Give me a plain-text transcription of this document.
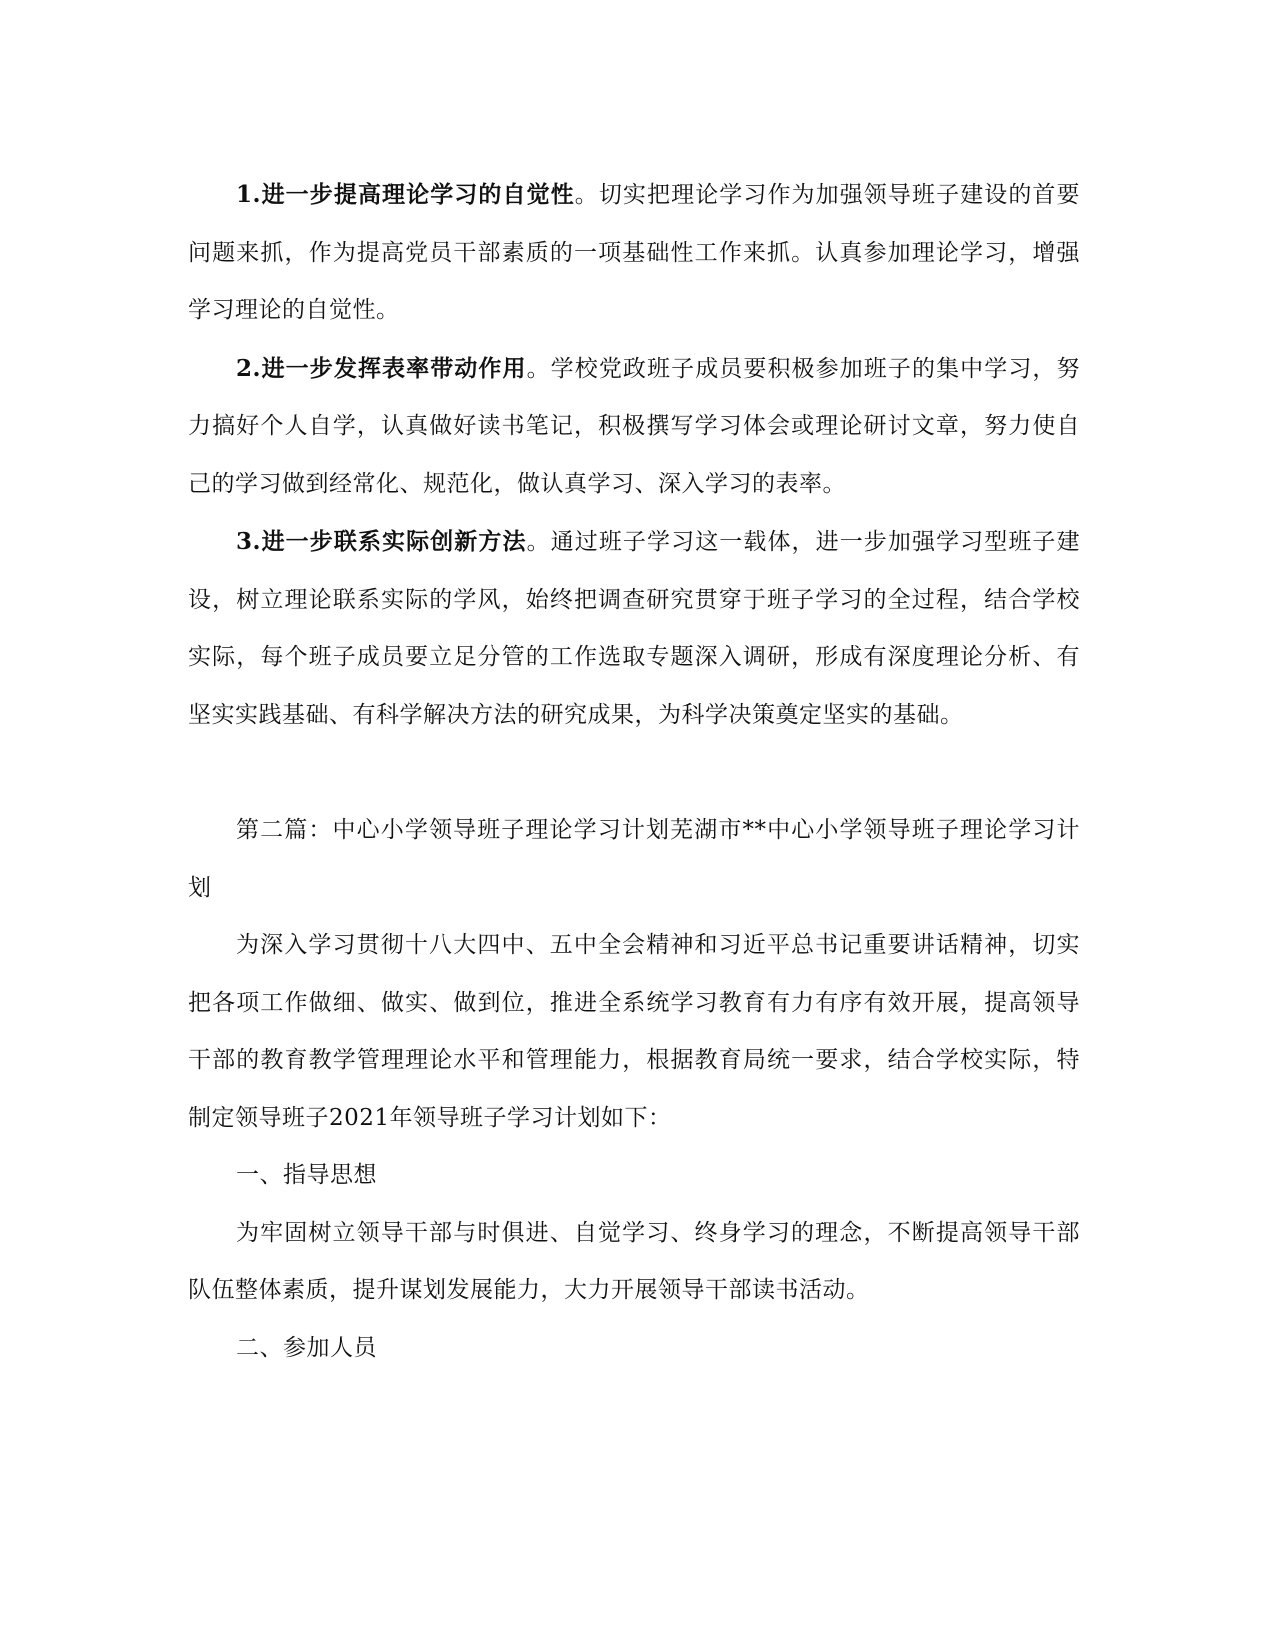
1.进一步提高理论学习的自觉性。切实把理论学习作为加强领导班子建设的首要问题来抓，作为提高党员干部素质的一项基础性工作来抓。认真参加理论学习，增强学习理论的自觉性。

2.进一步发挥表率带动作用。学校党政班子成员要积极参加班子的集中学习，努力搞好个人自学，认真做好读书笔记，积极撰写学习体会或理论研讨文章，努力使自己的学习做到经常化、规范化，做认真学习、深入学习的表率。

3.进一步联系实际创新方法。通过班子学习这一载体，进一步加强学习型班子建设，树立理论联系实际的学风，始终把调查研究贯穿于班子学习的全过程，结合学校实际，每个班子成员要立足分管的工作选取专题深入调研，形成有深度理论分析、有坚实实践基础、有科学解决方法的研究成果，为科学决策奠定坚实的基础。

第二篇：中心小学领导班子理论学习计划芜湖市**中心小学领导班子理论学习计划

为深入学习贯彻十八大四中、五中全会精神和习近平总书记重要讲话精神，切实把各项工作做细、做实、做到位，推进全系统学习教育有力有序有效开展，提高领导干部的教育教学管理理论水平和管理能力，根据教育局统一要求，结合学校实际，特制定领导班子2021年领导班子学习计划如下：

一、指导思想

为牢固树立领导干部与时俱进、自觉学习、终身学习的理念，不断提高领导干部队伍整体素质，提升谋划发展能力，大力开展领导干部读书活动。

二、参加人员
